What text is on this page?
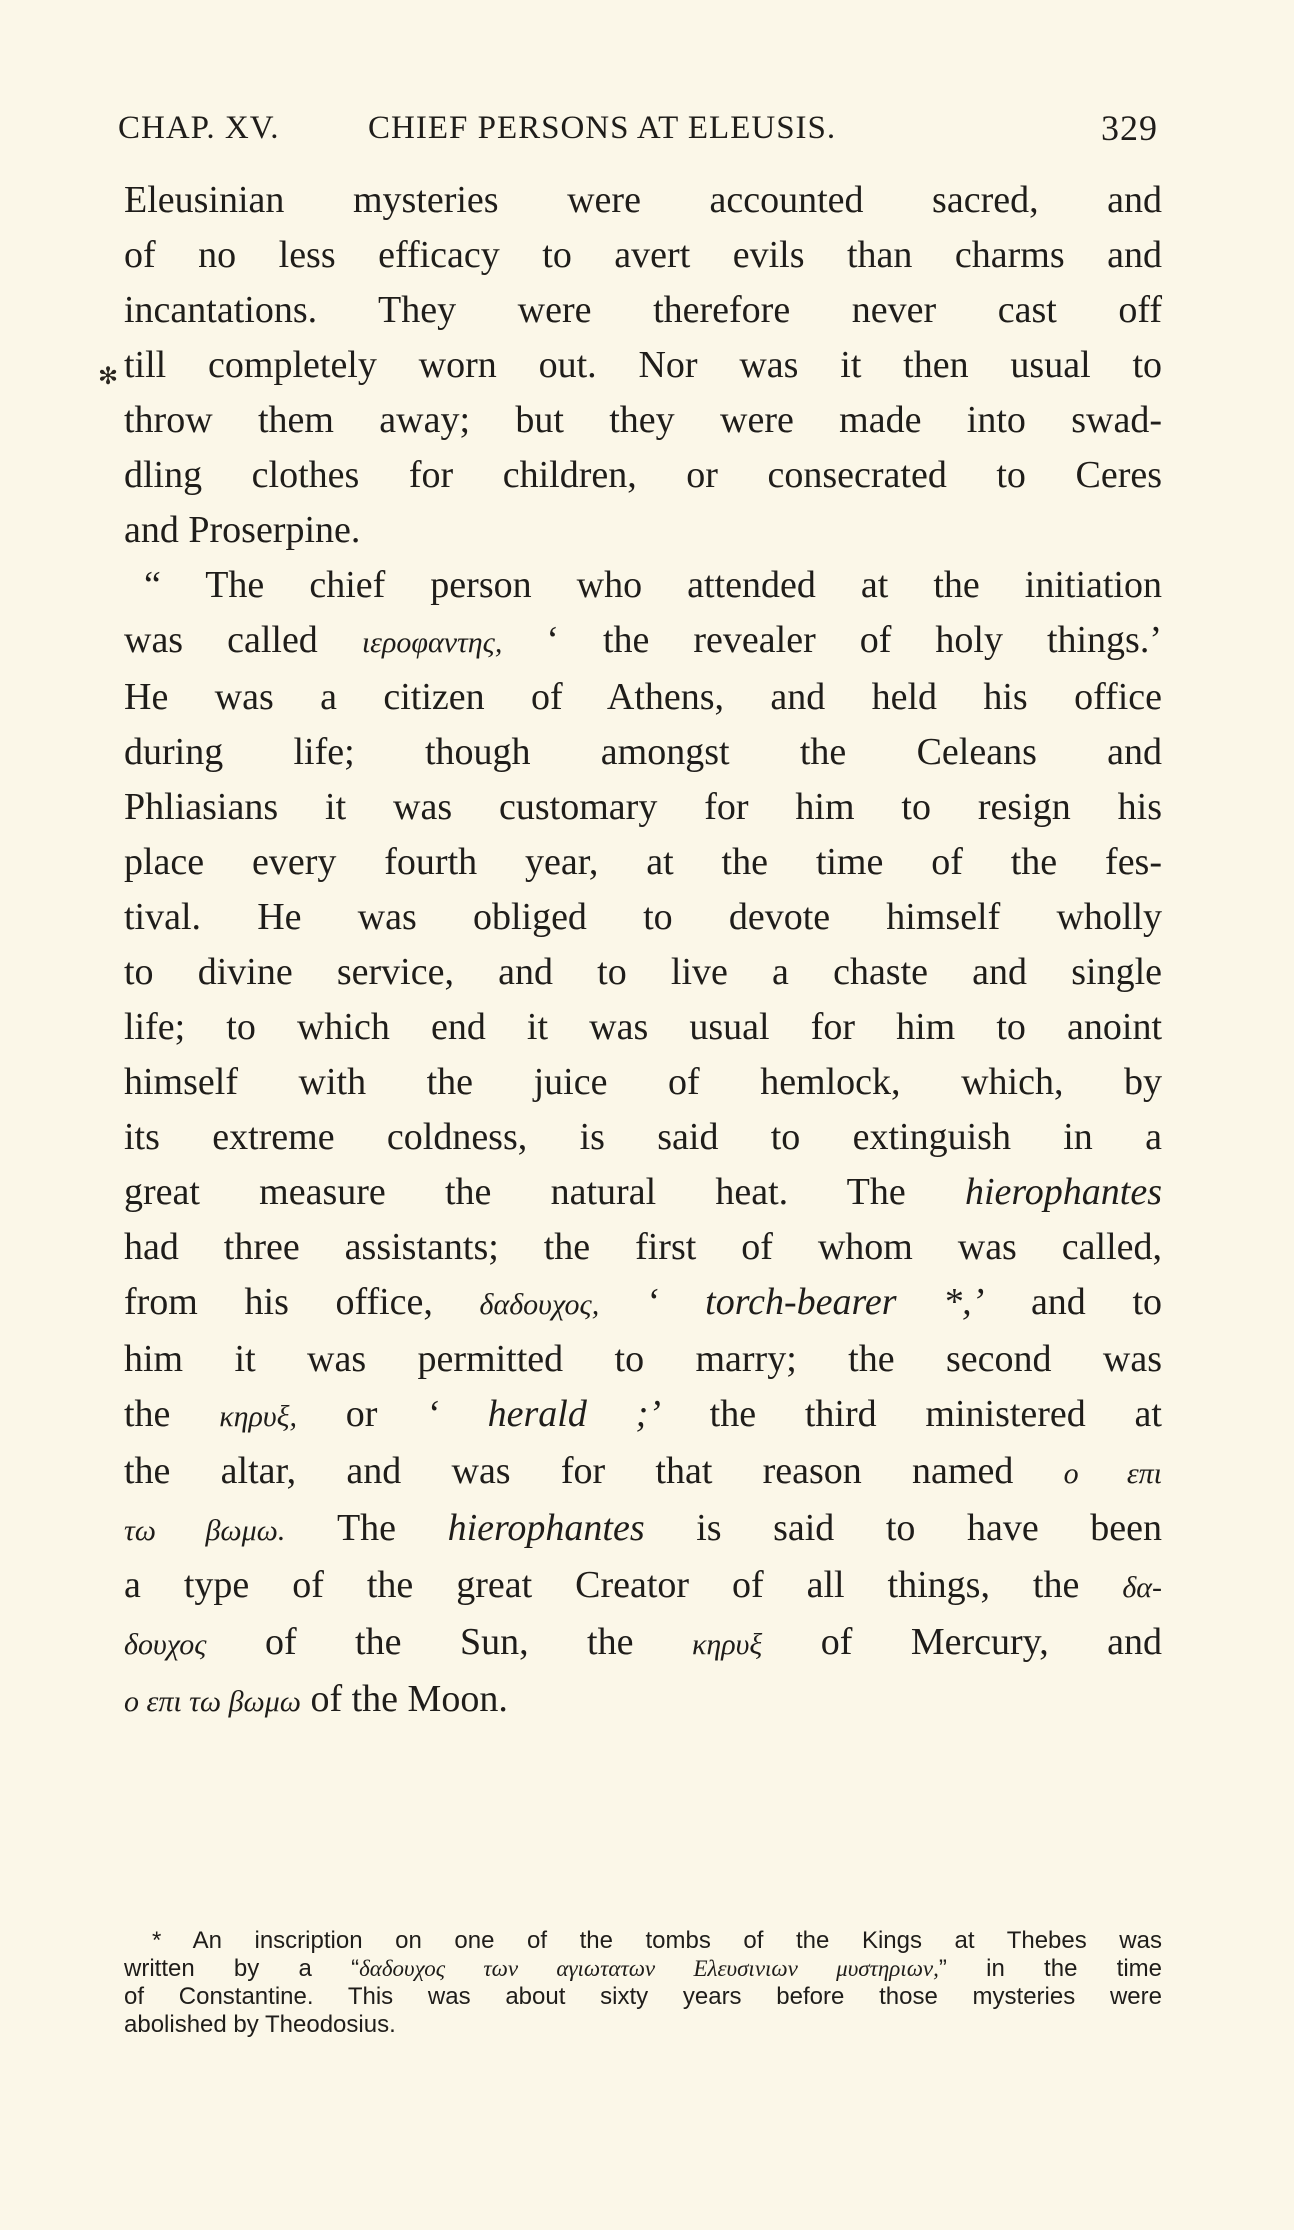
CHAP. XV.	CHIEF PERSONS AT ELEUSIS.	329
✻
Eleusinian mysteries were accounted sacred, and
of no less efficacy to avert evils than charms and
incantations. They were therefore never cast off
till completely worn out. Nor was it then usual to
throw them away; but they were made into swad-
dling clothes for children, or consecrated to Ceres
and Proserpine.
“ The chief person who attended at the initiation
was called ιεροφαντης, ‘ the revealer of holy things.’
He was a citizen of Athens, and held his office
during life; though amongst the Celeans and
Phliasians it was customary for him to resign his
place every fourth year, at the time of the fes-
tival. He was obliged to devote himself wholly
to divine service, and to live a chaste and single
life; to which end it was usual for him to anoint
himself with the juice of hemlock, which, by
its extreme coldness, is said to extinguish in a
great measure the natural heat. The hierophantes
had three assistants; the first of whom was called,
from his office, δαδουχος, ‘ torch-bearer *,’ and to
him it was permitted to marry; the second was
the κηρυξ, or ‘ herald ;’ the third ministered at
the altar, and was for that reason named ο επι
τω βωμω. The hierophantes is said to have been
a type of the great Creator of all things, the δα-
δουχος of the Sun, the κηρυξ of Mercury, and
ο επι τω βωμω of the Moon.
* An inscription on one of the tombs of the Kings at Thebes was
written by a “δαδουχος των αγιωτατων Ελευσινιων μυστηριων,” in the time
of Constantine. This was about sixty years before those mysteries were
abolished by Theodosius.
